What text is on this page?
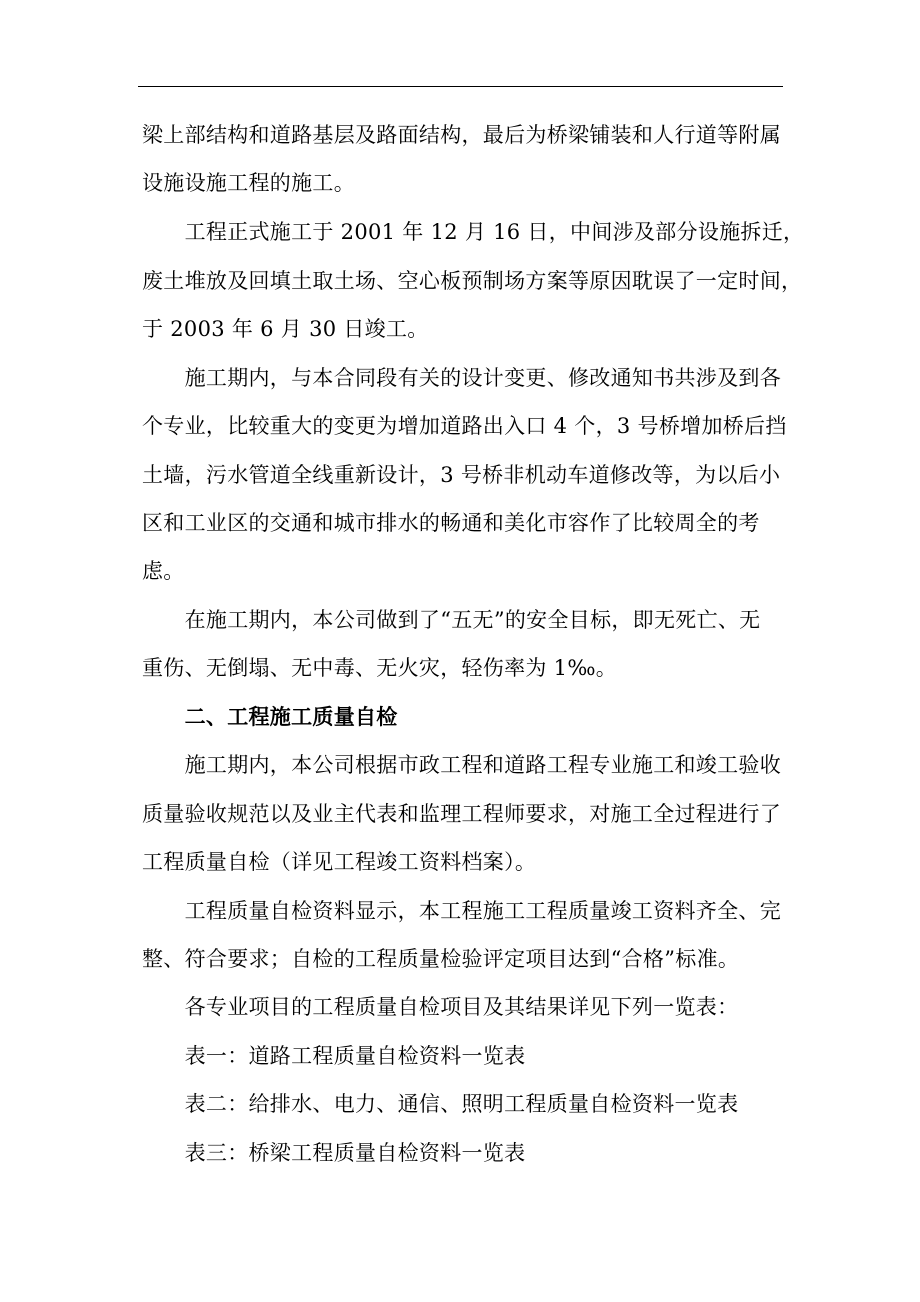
梁上部结构和道路基层及路面结构，最后为桥梁铺装和人行道等附属
设施设施工程的施工。
　　工程正式施工于 2001 年 12 月 16 日，中间涉及部分设施拆迁，
废土堆放及回填土取土场、空心板预制场方案等原因耽误了一定时间，
于 2003 年 6 月 30 日竣工。
　　施工期内，与本合同段有关的设计变更、修改通知书共涉及到各
个专业，比较重大的变更为增加道路出入口 4 个，3 号桥增加桥后挡
土墙，污水管道全线重新设计，3 号桥非机动车道修改等，为以后小
区和工业区的交通和城市排水的畅通和美化市容作了比较周全的考
虑。
　　在施工期内，本公司做到了“五无”的安全目标，即无死亡、无
重伤、无倒塌、无中毒、无火灾，轻伤率为 1‰。
　　二、工程施工质量自检
　　施工期内，本公司根据市政工程和道路工程专业施工和竣工验收
质量验收规范以及业主代表和监理工程师要求，对施工全过程进行了
工程质量自检（详见工程竣工资料档案）。
　　工程质量自检资料显示，本工程施工工程质量竣工资料齐全、完
整、符合要求；自检的工程质量检验评定项目达到“合格”标准。
　　各专业项目的工程质量自检项目及其结果详见下列一览表：
　　表一：道路工程质量自检资料一览表
　　表二：给排水、电力、通信、照明工程质量自检资料一览表
　　表三：桥梁工程质量自检资料一览表
